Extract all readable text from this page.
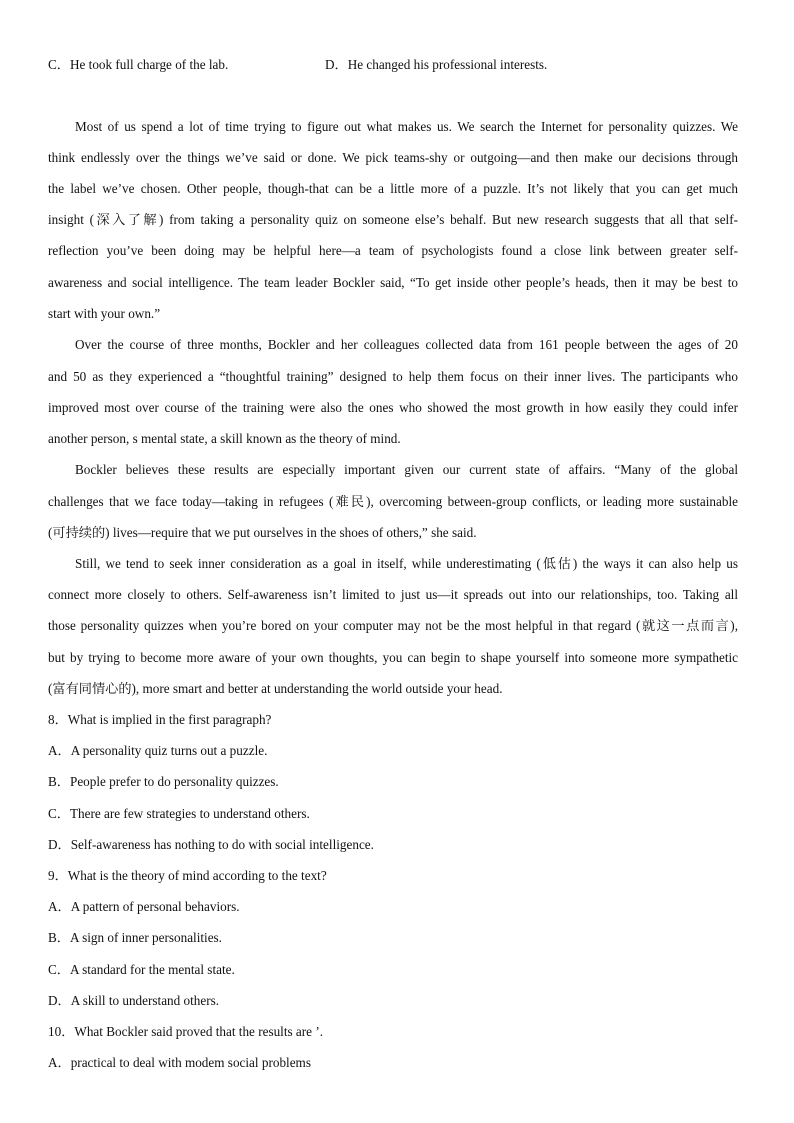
C．He took full charge of the lab.	D．He changed his professional interests.
Most of us spend a lot of time trying to figure out what makes us. We search the Internet for personality quizzes. We
think endlessly over the things we’ve said or done. We pick teams-shy or outgoing—and then make our decisions through
the label we’ve chosen. Other people, though-that can be a little more of a puzzle. It’s not likely that you can get much
insight (深入了解) from taking a personality quiz on someone else’s behalf. But new research suggests that all that self-
reflection you’ve been doing may be helpful here—a team of psychologists found a close link between greater self-
awareness and social intelligence. The team leader Bockler said, “To get inside other people’s heads, then it may be best to
start with your own.”
Over the course of three months, Bockler and her colleagues collected data from 161 people between the ages of 20
and 50 as they experienced a “thoughtful training” designed to help them focus on their inner lives. The participants who
improved most over course of the training were also the ones who showed the most growth in how easily they could infer
another person, s mental state, a skill known as the theory of mind.
Bockler believes these results are especially important given our current state of affairs. “Many of the global
challenges that we face today—taking in refugees (难民), overcoming between-group conflicts, or leading more sustainable
(可持续的) lives—require that we put ourselves in the shoes of others,” she said.
Still, we tend to seek inner consideration as a goal in itself, while underestimating (低估) the ways it can also help us
connect more closely to others. Self-awareness isn’t limited to just us—it spreads out into our relationships, too. Taking all
those personality quizzes when you’re bored on your computer may not be the most helpful in that regard (就这一点而言),
but by trying to become more aware of your own thoughts, you can begin to shape yourself into someone more sympathetic
(富有同情心的), more smart and better at understanding the world outside your head.
8．What is implied in the first paragraph?
A．A personality quiz turns out a puzzle.
B．People prefer to do personality quizzes.
C．There are few strategies to understand others.
D．Self-awareness has nothing to do with social intelligence.
9．What is the theory of mind according to the text?
A．A pattern of personal behaviors.
B．A sign of inner personalities.
C．A standard for the mental state.
D．A skill to understand others.
10．What Bockler said proved that the results are ’.
A．practical to deal with modem social problems
